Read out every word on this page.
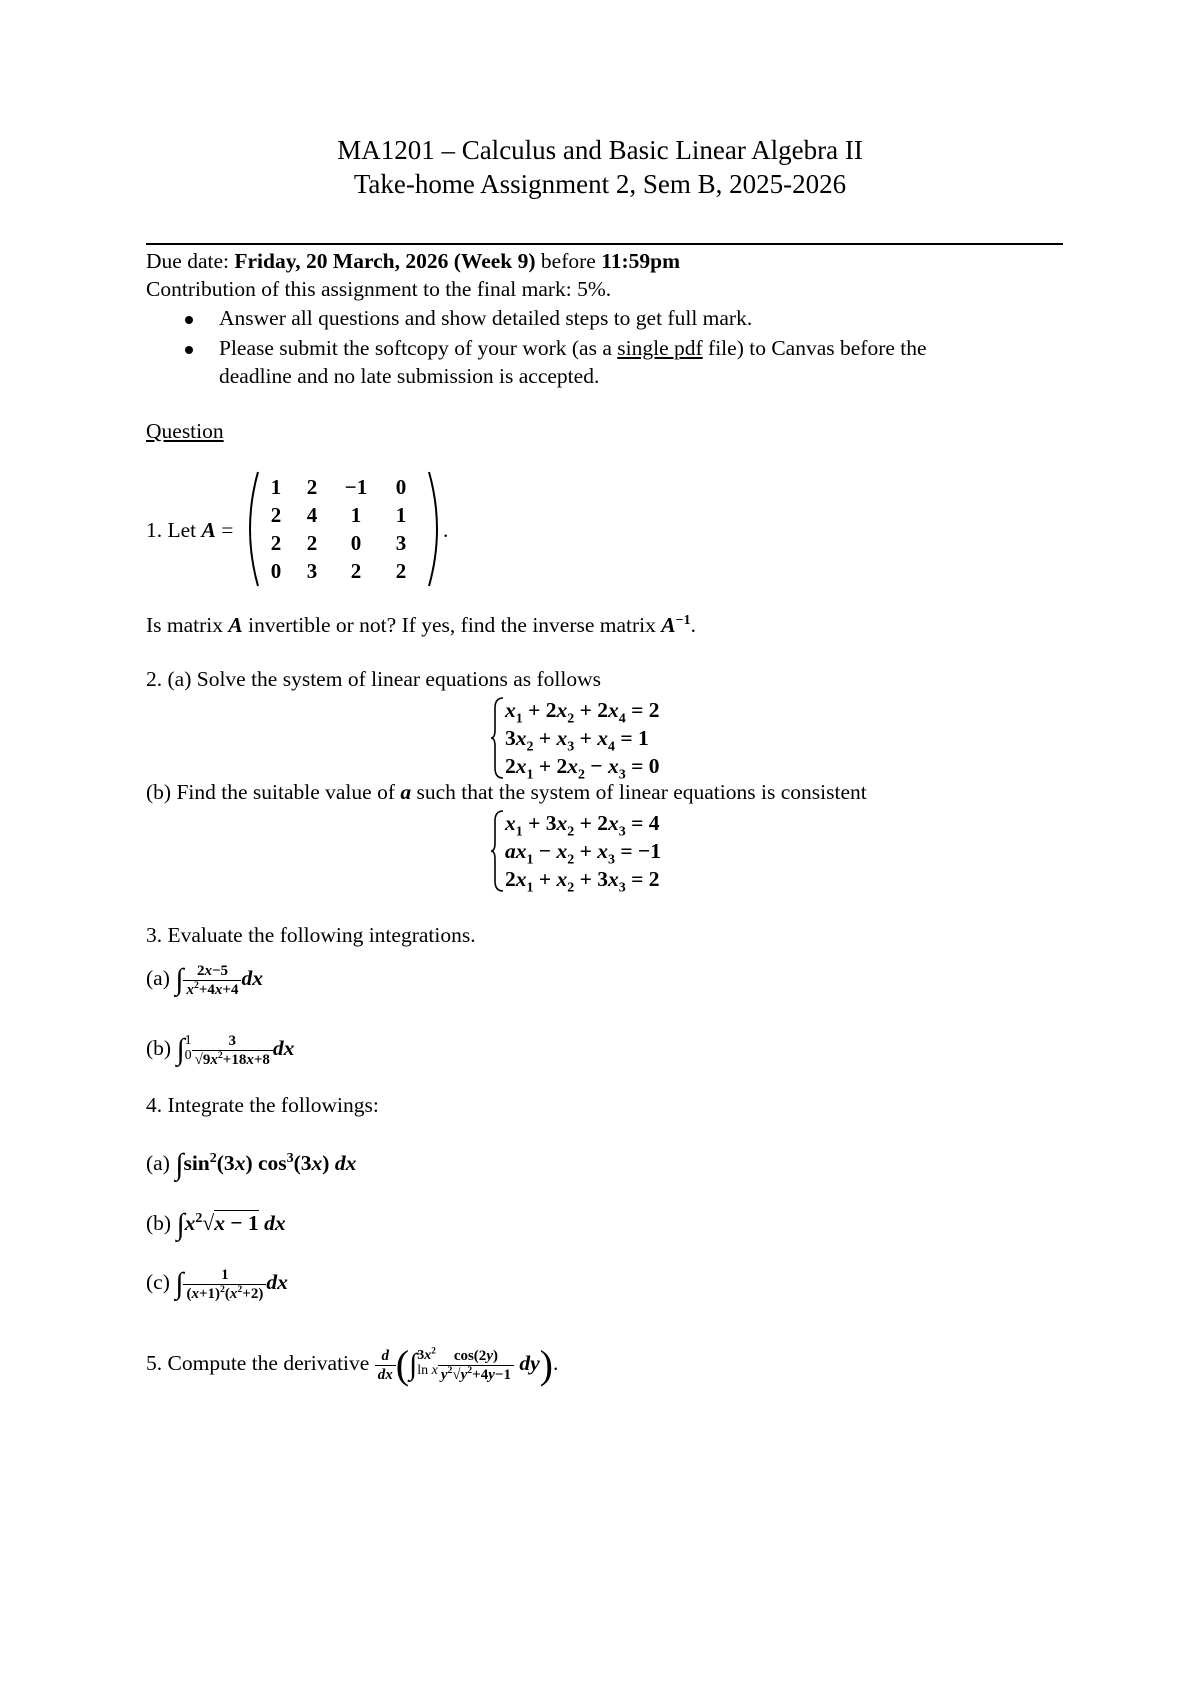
MA1201 – Calculus and Basic Linear Algebra II
Take-home Assignment 2, Sem B, 2025-2026
Due date: Friday, 20 March, 2026 (Week 9) before 11:59pm
Contribution of this assignment to the final mark: 5%.
Answer all questions and show detailed steps to get full mark.
Please submit the softcopy of your work (as a single pdf file) to Canvas before the
deadline and no late submission is accepted.
Question
1. Let A =
1 2 −1 0
2 4 1 1
2 2 0 3
0 3 2 2
.
Is matrix A invertible or not? If yes, find the inverse matrix $A^{-1}$.
2. (a) Solve the system of linear equations as follows
$x_1 + 2x_2 + 2x_4 = 2$
$3x_2 + x_3 + x_4 = 1$
$2x_1 + 2x_2 - x_3 = 0$
(b) Find the suitable value of a such that the system of linear equations is consistent
$x_1 + 3x_2 + 2x_3 = 4$
$ax_1 - x_2 + x_3 = -1$
$2x_1 + x_2 + 3x_3 = 2$
3. Evaluate the following integrations.
(a) ∫ $\frac{2x-5}{x^2+4x+4}$ dx
(b) ∫ 1
$0 \frac{3}{√9x^2+18x+8}$ dx
4. Integrate the followings:
(a) $\int\sin^2(3x)$ $\cos^3(3x)$ dx
(b) $\int x^2√x - 1$ dx
(c) ∫ $\frac{1}{(x+1)^2(x^2+2)}$ dx
5. Compute the derivative $\frac{d}{dx}$ (∫ $3x^2$
ln x $\frac{\cos(2y)}{y^2√y^2+4y-1} dy$).
